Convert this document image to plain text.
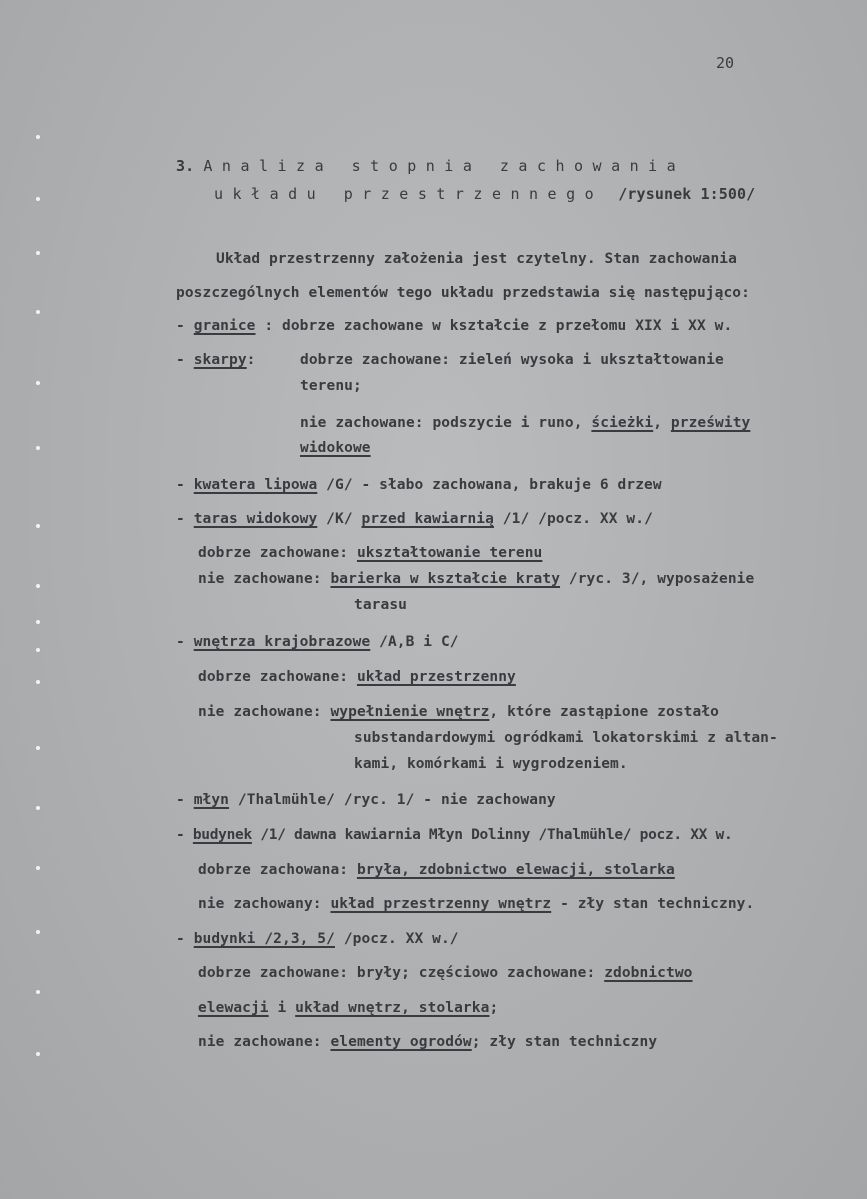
20
3. Analiza stopnia zachowania
układu przestrzennego /rysunek 1:500/
Układ przestrzenny założenia jest czytelny. Stan zachowania
poszczególnych elementów tego układu przedstawia się następująco:
- granice : dobrze zachowane w kształcie z przełomu XIX i XX w.
- skarpy:	dobrze zachowane: zieleń wysoka i ukształtowanie
terenu;
nie zachowane: podszycie i runo, ścieżki, prześwity
widokowe
- kwatera lipowa /G/ - słabo zachowana, brakuje 6 drzew
- taras widokowy /K/ przed kawiarnią /1/ /pocz. XX w./
dobrze zachowane: ukształtowanie terenu
nie zachowane: barierka w kształcie kraty /ryc. 3/, wyposażenie
tarasu
- wnętrza krajobrazowe /A,B i C/
dobrze zachowane: układ przestrzenny
nie zachowane: wypełnienie wnętrz, które zastąpione zostało
substandardowymi ogródkami lokatorskimi z altan-
kami, komórkami i wygrodzeniem.
- młyn /Thalmühle/ /ryc. 1/ - nie zachowany
- budynek /1/ dawna kawiarnia Młyn Dolinny /Thalmühle/ pocz. XX w.
dobrze zachowana: bryła, zdobnictwo elewacji, stolarka
nie zachowany: układ przestrzenny wnętrz - zły stan techniczny.
- budynki /2,3, 5/ /pocz. XX w./
dobrze zachowane: bryły; częściowo zachowane: zdobnictwo
elewacji i układ wnętrz, stolarka;
nie zachowane: elementy ogrodów; zły stan techniczny
